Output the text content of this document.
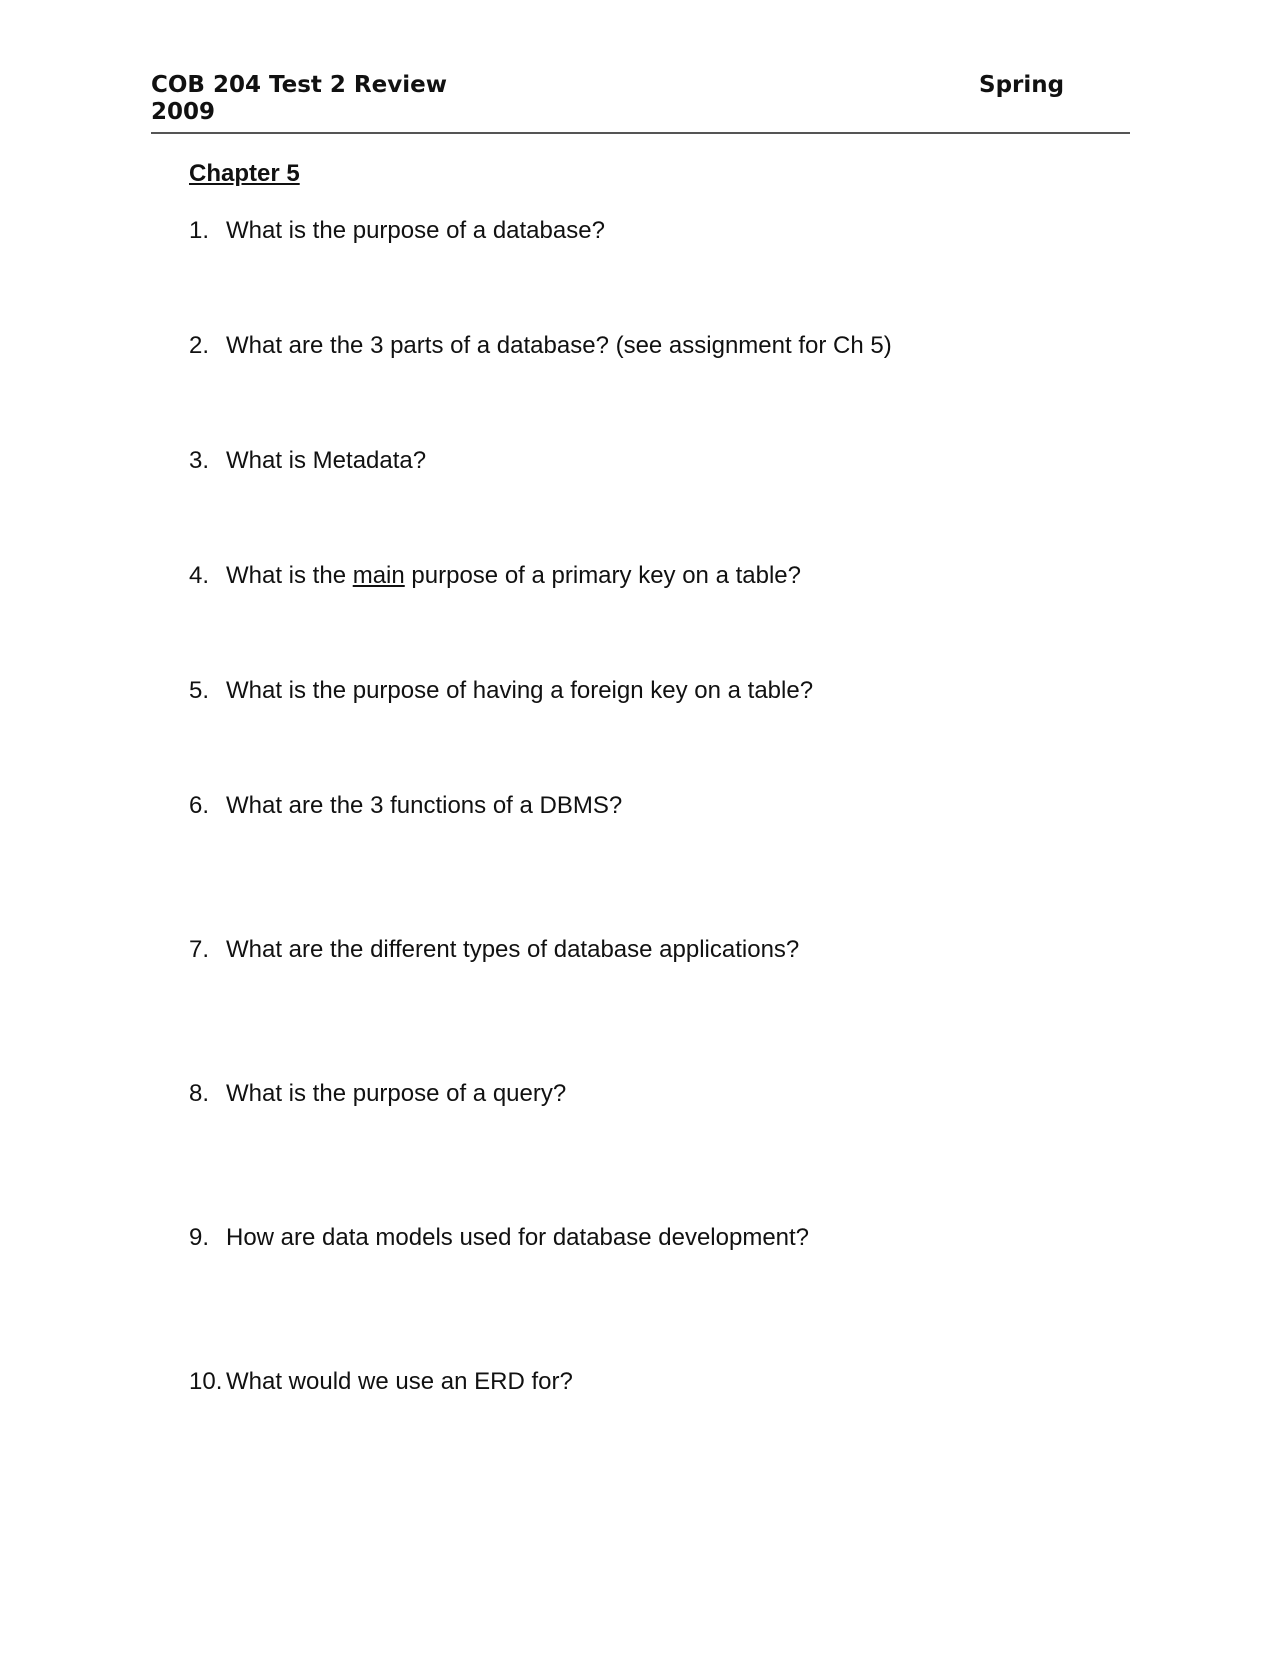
COB 204 Test 2 Review	Spring
2009
Chapter 5
1. What is the purpose of a database?
2. What are the 3 parts of a database? (see assignment for Ch 5)
3. What is Metadata?
4. What is the main purpose of a primary key on a table?
5. What is the purpose of having a foreign key on a table?
6. What are the 3 functions of a DBMS?
7. What are the different types of database applications?
8. What is the purpose of a query?
9. How are data models used for database development?
10. What would we use an ERD for?
